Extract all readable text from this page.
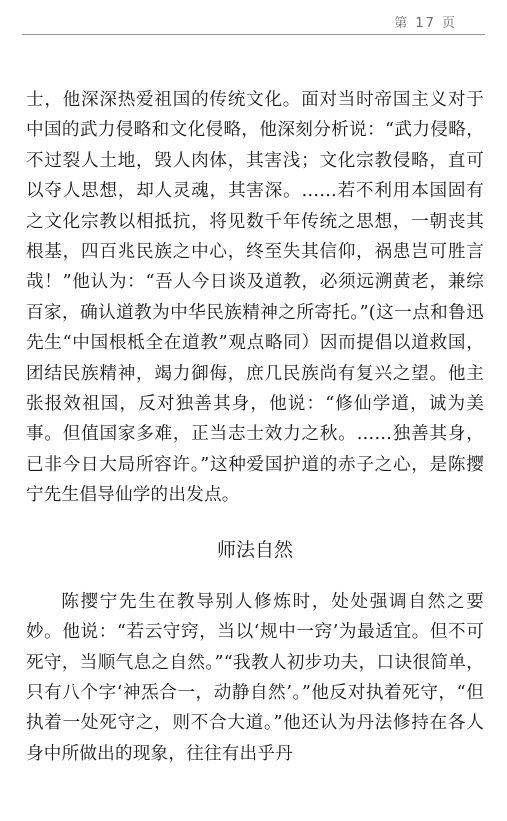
第 17 页

士，他深深热爱祖国的传统文化。面对当时帝国主义对于中国的武力侵略和文化侵略，他深刻分析说：“武力侵略，不过裂人土地，毁人肉体，其害浅；文化宗教侵略，直可以夺人思想，却人灵魂，其害深。……若不利用本国固有之文化宗教以相抵抗，将见数千年传统之思想，一朝丧其根基，四百兆民族之中心，终至失其信仰，祸患岂可胜言哉！”他认为：“吾人今日谈及道教，必须远溯黄老，兼综百家，确认道教为中华民族精神之所寄托。”(这一点和鲁迅先生“中国根柢全在道教”观点略同）因而提倡以道救国，团结民族精神，竭力御侮，庶几民族尚有复兴之望。他主张报效祖国，反对独善其身，他说：“修仙学道，诚为美事。但值国家多难，正当志士效力之秋。……独善其身，已非今日大局所容许。”这种爱国护道的赤子之心，是陈撄宁先生倡导仙学的出发点。

师法自然

陈撄宁先生在教导别人修炼时，处处强调自然之要妙。他说：“若云守窍，当以‘规中一窍’为最适宜。但不可死守，当顺气息之自然。”“我教人初步功夫，口诀很简单，只有八个字‘神炁合一，动静自然’。”他反对执着死守，“但执着一处死守之，则不合大道。”他还认为丹法修持在各人身中所做出的现象，往往有出乎丹
